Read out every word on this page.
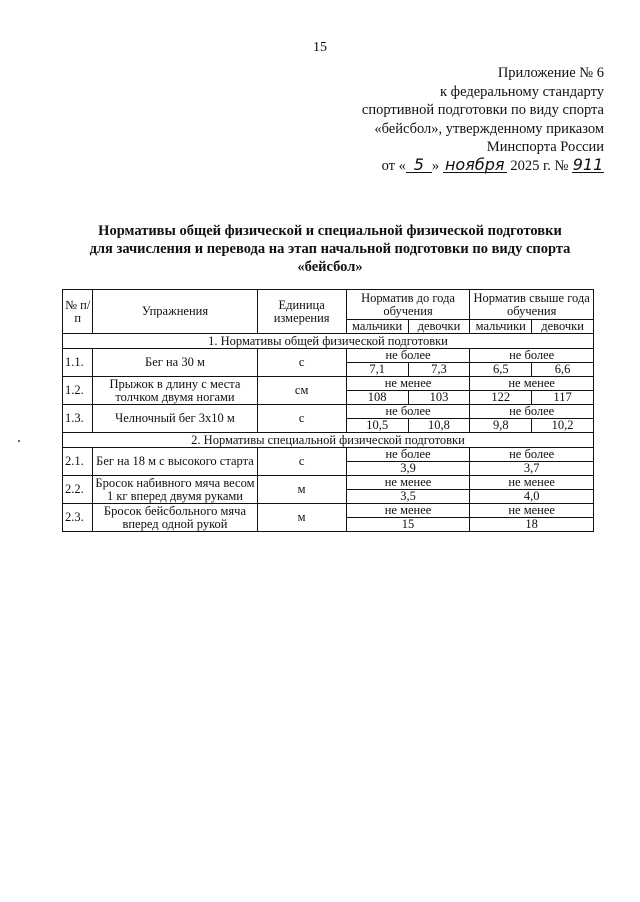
15
Приложение № 6
к федеральному стандарту
спортивной подготовки по виду спорта
«бейсбол», утвержденному приказом
Минспорта России
от « 5 » ноября 2025 г. № 911
Нормативы общей физической и специальной физической подготовки
для зачисления и перевода на этап начальной подготовки по виду спорта
«бейсбол»
№ п/п	Упражнения	Единица измерения	Норматив до года обучения		Норматив свыше года обучения	
			мальчики	девочки	мальчики	девочки
1. Нормативы общей физической подготовки						
1.1.	Бег на 30 м	с	не более		не более	
			7,1	7,3	6,5	6,6
1.2.	Прыжок в длину с места толчком двумя ногами	см	не менее		не менее	
			108	103	122	117
1.3.	Челночный бег 3х10 м	с	не более		не более	
			10,5	10,8	9,8	10,2
2. Нормативы специальной физической подготовки						
2.1.	Бег на 18 м с высокого старта	с	не более		не более	
			3,9		3,7	
2.2.	Бросок набивного мяча весом 1 кг вперед двумя руками	м	не менее		не менее	
			3,5		4,0	
2.3.	Бросок бейсбольного мяча вперед одной рукой	м	не менее		не менее	
			15		18	
